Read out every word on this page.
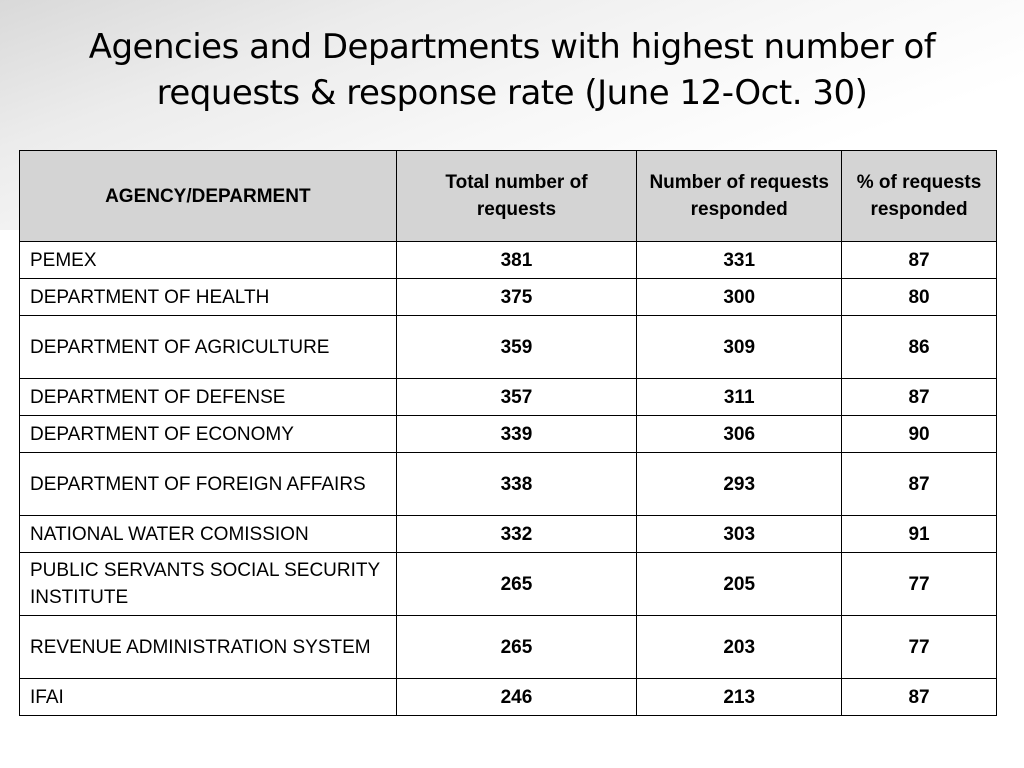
Agencies and Departments with highest number of
requests & response rate (June 12-Oct. 30)
AGENCY/DEPARMENT	Total number of requests	Number of requests responded	% of requests responded
PEMEX	381	331	87
DEPARTMENT OF HEALTH	375	300	80
DEPARTMENT OF AGRICULTURE	359	309	86
DEPARTMENT OF DEFENSE	357	311	87
DEPARTMENT OF ECONOMY	339	306	90
DEPARTMENT OF FOREIGN AFFAIRS	338	293	87
NATIONAL WATER COMISSION	332	303	91
PUBLIC SERVANTS SOCIAL SECURITY INSTITUTE	265	205	77
REVENUE ADMINISTRATION SYSTEM	265	203	77
IFAI	246	213	87
